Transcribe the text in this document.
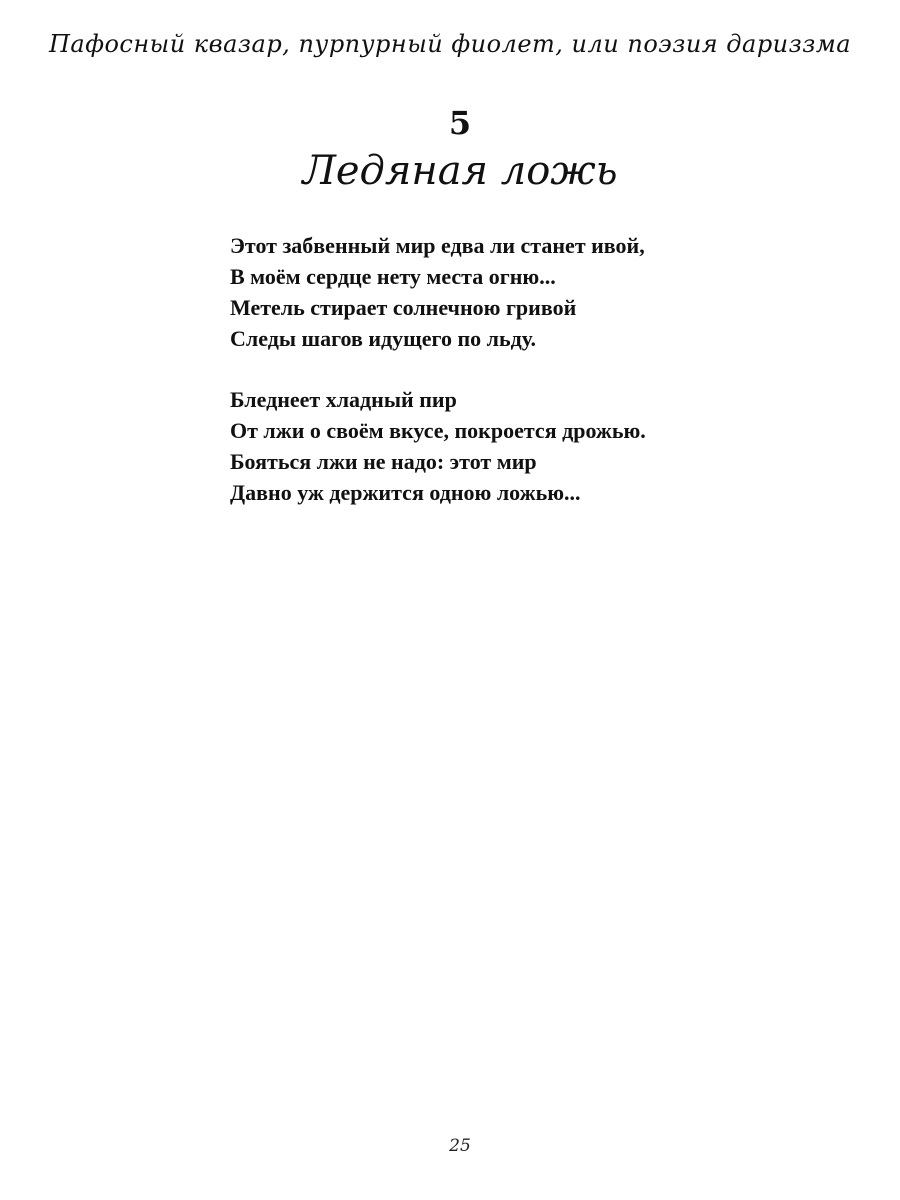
Пафосный квазар, пурпурный фиолет, или поэзия дариззма
5
Ледяная ложь
Этот забвенный мир едва ли станет ивой,
В моём сердце нету места огню...
Метель стирает солнечною гривой
Следы шагов идущего по льду.
Бледнеет хладный пир
От лжи о своём вкусе, покроется дрожью.
Бояться лжи не надо: этот мир
Давно уж держится одною ложью...
25
